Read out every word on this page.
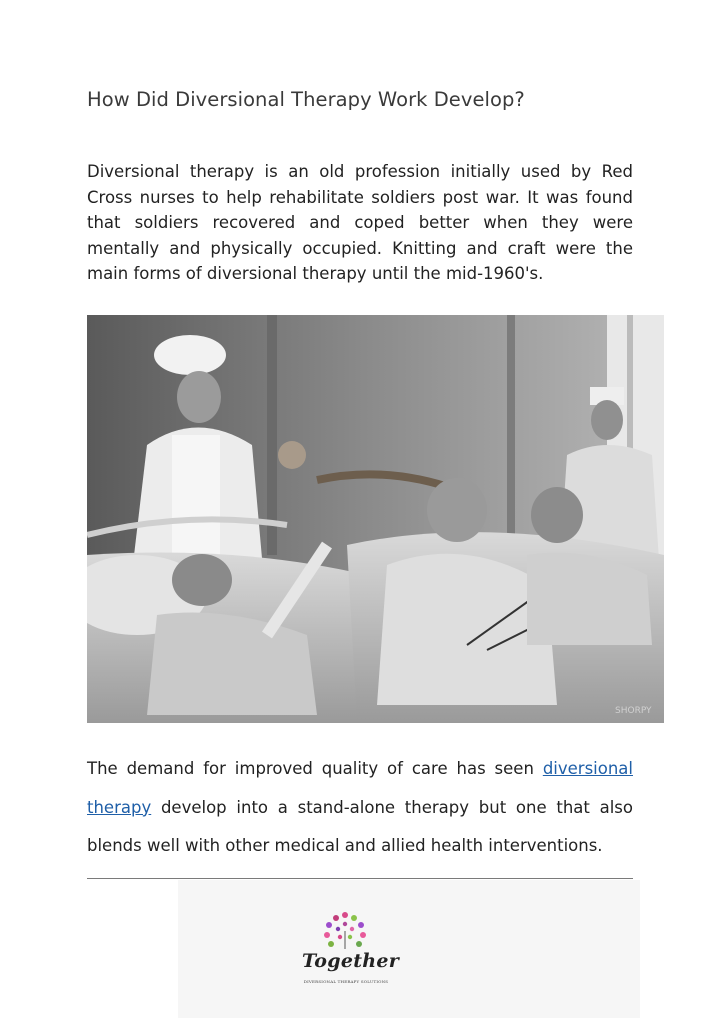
How Did Diversional Therapy Work Develop?
Diversional therapy is an old profession initially used by Red
Cross nurses to help rehabilitate soldiers post war. It was found
that soldiers recovered and coped better when they were
mentally and physically occupied. Knitting and craft were the
main forms of diversional therapy until the mid-1960's.
SHORPY
The demand for improved quality of care has seen diversional
therapy develop into a stand-alone therapy but one that also
blends well with other medical and allied health interventions.
Together
DIVERSIONAL THERAPY SOLUTIONS
